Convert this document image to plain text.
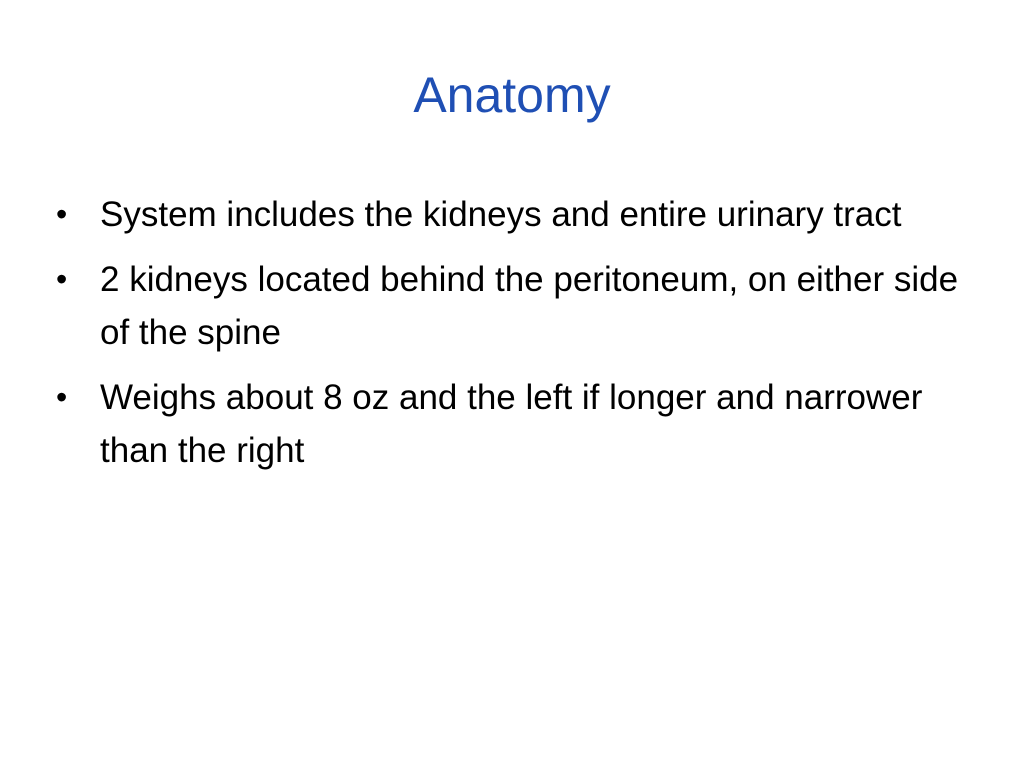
Anatomy
• System includes the kidneys and entire urinary tract
• 2 kidneys located behind the peritoneum, on either side of the spine
• Weighs about 8 oz and the left if longer and narrower than the right
